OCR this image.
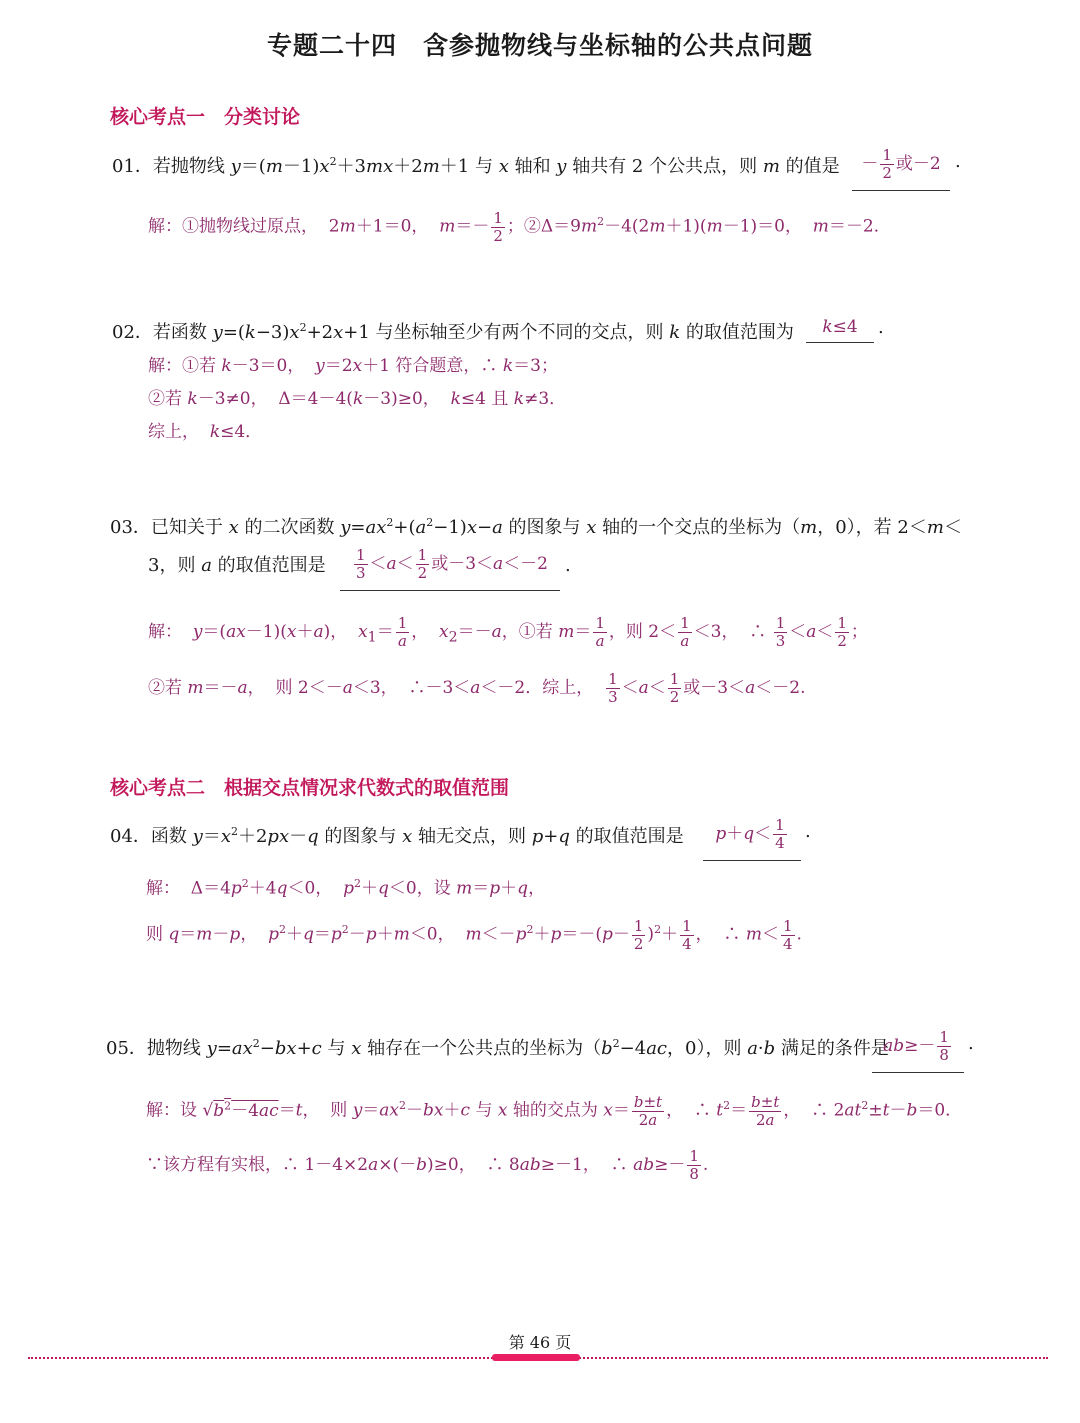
专题二十四　含参抛物线与坐标轴的公共点问题
核心考点一　分类讨论
01．若抛物线 $y=(m-1)x^2+3mx+2m+1$ 与 x 轴和 y 轴共有 2 个公共点，则 m 的值是	－ $\frac{1}{2}$ 或－2 .
解：①抛物线过原点，  2m＋1＝0，  $m=- \frac{1}{2}$ ；$②\Delta=9m^2-4(2m+1)(m-1)=0$，  m＝－2．
02．若函数 $y=(k-3)x^2+2x+1$ 与坐标轴至少有两个不同的交点，则 k 的取值范围为	k≤4	.
解：①若 k－3＝0，  y＝2x＋1 符合题意，∴ k＝3；
②若 k－3≠0，  Δ＝4－4(k－3)≥0，  k≤4 且 k≠3．
综上，  k≤4．
03．已知关于 x 的二次函数 $y=ax^2+(a^2-1)x-a$ 的图象与 x 轴的一个交点的坐标为（m，0），若 2＜m＜
3，则 a 的取值范围是 $\frac{1}{3} <a< \frac{1}{2}$ 或－3＜a＜－2 .
解：  y＝(ax－1)(x＋a)，  $x_1= \frac{1}{a}$ ，  $x_2=-a$，①若 $m= \frac{1}{a}$ ，则 $2< \frac{1}{a} <3$，  ∴ $\frac{1}{3} <a< \frac{1}{2}$ ；
②若 m＝－a，  则 2＜－a＜3，  ∴－3＜a＜－2．综上， $\frac{1}{3} <a< \frac{1}{2}$ 或－3＜a＜－2.
核心考点二　根据交点情况求代数式的取值范围
04．函数 $y=x^2+2px-q$ 的图象与 x 轴无交点，则 p+q 的取值范围是	$p+q< \frac{1}{4}$ .
解：  $\Delta=4p^2+4q<0$，  $p^2+q<0$，设 m＝p＋q，
则 q＝m－p，  $p^2+q=p^2-p+m<0$，  $m<-p^2+p=-(p- \frac{1}{2} )^2+ \frac{1}{4}$ ，  ∴ $m< \frac{1}{4}$ .
05．抛物线 $y=ax^2-bx+c$ 与 x 轴存在一个公共点的坐标为（$b^2-4ac$，0），则 a·b 满足的条件是
$ab\ge- \frac{1}{8}$ .
解：设 $√b^2-4ac=t$，  则 $y=ax^2-bx+c$ 与 x 轴的交点为 $x= \frac{b\pm t}{2a}$ ，  ∴ $t^2= \frac{b\pm t}{2a}$ ，  ∴ $2at^2\pm t-b=0$．
∵该方程有实根，∴ 1－4×2a×(－b)≥0，  ∴ 8ab≥－1，  ∴ $ab\ge- \frac{1}{8}$ .
第 46 页
